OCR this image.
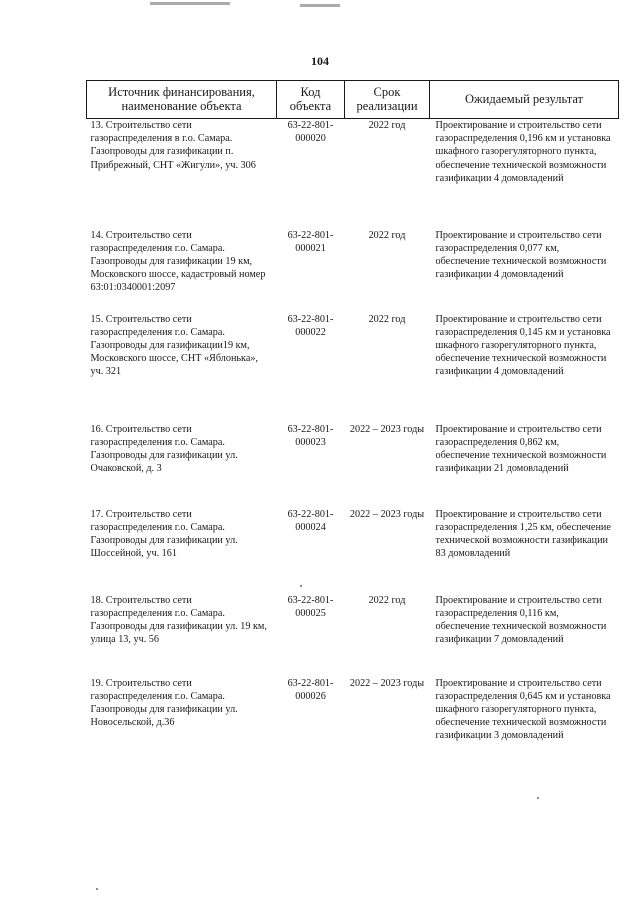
104
Источник финансирования, наименование объекта	Код объекта	Срок реализации	Ожидаемый результат
13. Строительство сети газораспределения в г.о. Самара. Газопроводы для газификации п. Прибрежный, СНТ «Жигули», уч. 306	63-22-801-000020	2022 год	Проектирование и строительство сети газораспределения 0,196 км и установка шкафного газорегуляторного пункта, обеспечение технической возможности газификации 4 домовладений
14. Строительство сети газораспределения г.о. Самара. Газопроводы для газификации 19 км, Московского шоссе, кадастровый номер 63:01:0340001:2097	63-22-801-000021	2022 год	Проектирование и строительство сети газораспределения 0,077 км, обеспечение технической возможности газификации 4 домовладений
15. Строительство сети газораспределения г.о. Самара. Газопроводы для газификации19 км, Московского шоссе, СНТ «Яблонька», уч. 321	63-22-801-000022	2022 год	Проектирование и строительство сети газораспределения 0,145 км и установка шкафного газорегуляторного пункта, обеспечение технической возможности газификации 4 домовладений
16. Строительство сети газораспределения г.о. Самара. Газопроводы для газификации ул. Очаковской, д. 3	63-22-801-000023	2022 – 2023 годы	Проектирование и строительство сети газораспределения 0,862 км, обеспечение технической возможности газификации 21 домовладений
17. Строительство сети газораспределения г.о. Самара. Газопроводы для газификации ул. Шоссейной, уч. 161	63-22-801-000024	2022 – 2023 годы	Проектирование и строительство сети газораспределения 1,25 км, обеспечение технической возможности газификации 83 домовладений
18. Строительство сети газораспределения г.о. Самара. Газопроводы для газификации ул. 19 км, улица 13, уч. 56	63-22-801-000025	2022 год	Проектирование и строительство сети газораспределения 0,116 км, обеспечение технической возможности газификации 7 домовладений
19. Строительство сети газораспределения г.о. Самара. Газопроводы для газификации ул. Новосельской, д.36	63-22-801-000026	2022 – 2023 годы	Проектирование и строительство сети газораспределения 0,645 км и установка шкафного газорегуляторного пункта, обеспечение технической возможности газификации 3 домовладений
